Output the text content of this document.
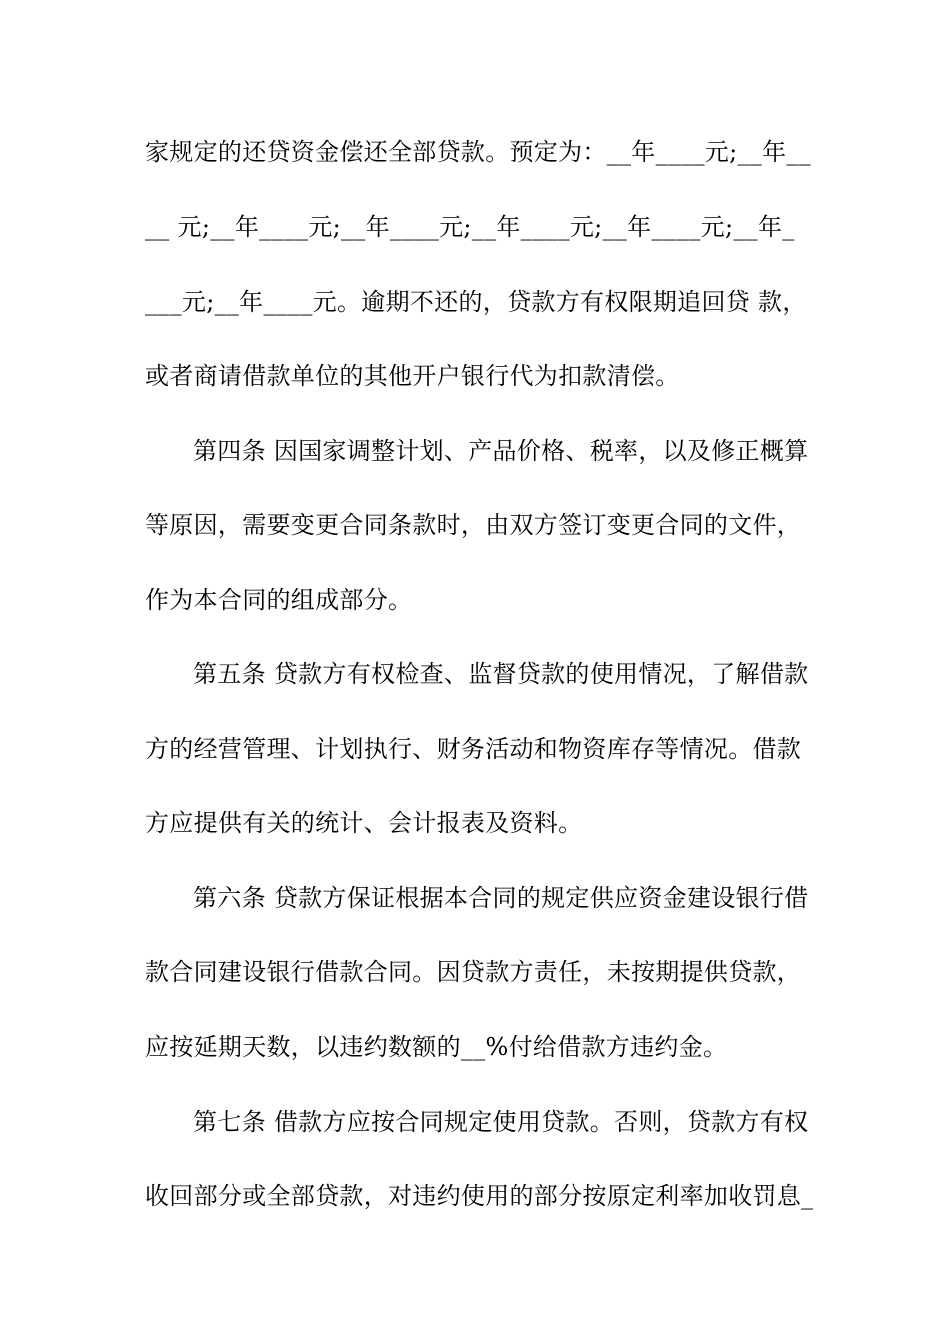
家规定的还贷资金偿还全部贷款。预定为：__年____元;__年__
__ 元;__年____元;__年____元;__年____元;__年____元;__年_
___元;__年____元。逾期不还的，贷款方有权限期追回贷 款，
或者商请借款单位的其他开户银行代为扣款清偿。
第四条 因国家调整计划、产品价格、税率，以及修正概算
等原因，需要变更合同条款时，由双方签订变更合同的文件，
作为本合同的组成部分。
第五条 贷款方有权检查、监督贷款的使用情况，了解借款
方的经营管理、计划执行、财务活动和物资库存等情况。借款
方应提供有关的统计、会计报表及资料。
第六条 贷款方保证根据本合同的规定供应资金建设银行借
款合同建设银行借款合同。因贷款方责任，未按期提供贷款，
应按延期天数，以违约数额的__%付给借款方违约金。
第七条 借款方应按合同规定使用贷款。否则，贷款方有权
收回部分或全部贷款，对违约使用的部分按原定利率加收罚息_
